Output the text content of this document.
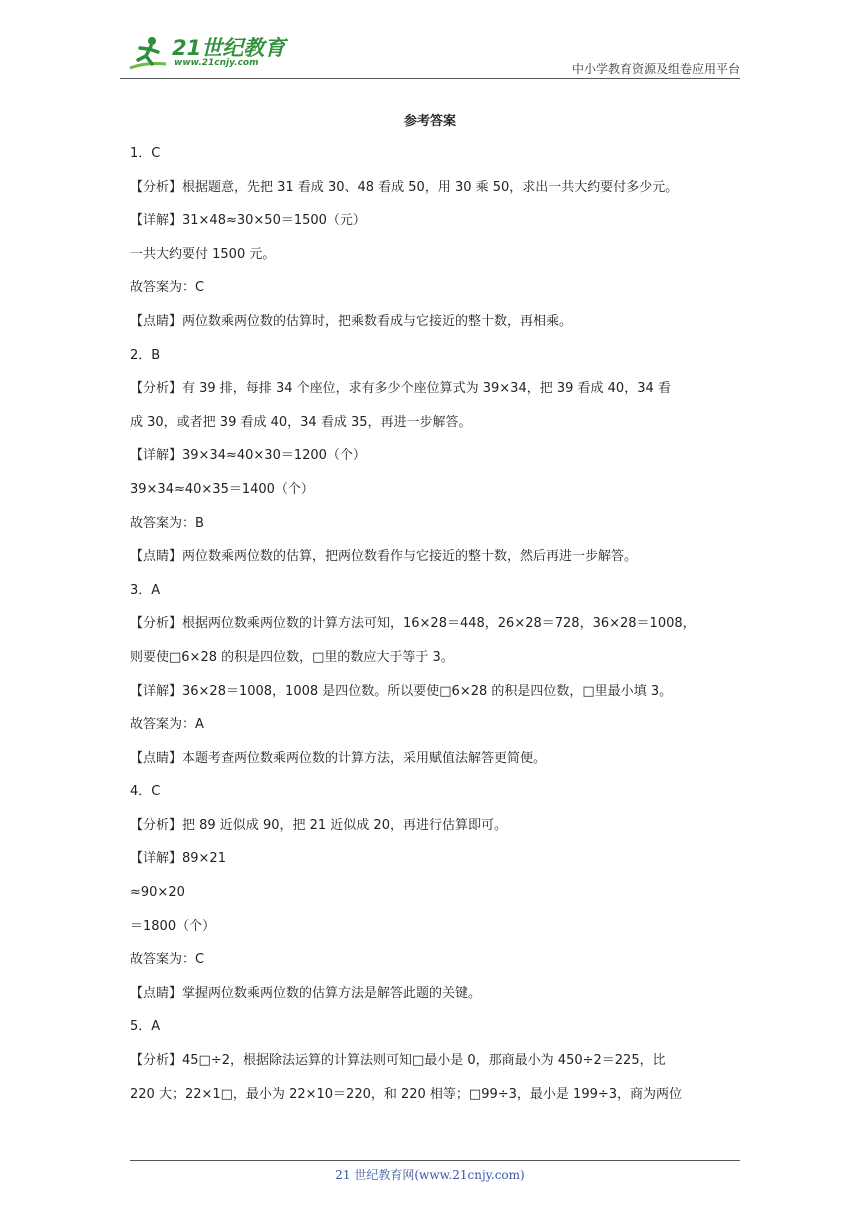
21世纪教育
www.21cnjy.com	中小学教育资源及组卷应用平台
参考答案
1．C
【分析】根据题意，先把 31 看成 30、48 看成 50，用 30 乘 50，求出一共大约要付多少元。
【详解】31×48≈30×50＝1500（元）
一共大约要付 1500 元。
故答案为：C
【点睛】两位数乘两位数的估算时，把乘数看成与它接近的整十数，再相乘。
2．B
【分析】有 39 排，每排 34 个座位，求有多少个座位算式为 39×34，把 39 看成 40，34 看
成 30，或者把 39 看成 40，34 看成 35，再进一步解答。
【详解】39×34≈40×30＝1200（个）
39×34≈40×35＝1400（个）
故答案为：B
【点睛】两位数乘两位数的估算，把两位数看作与它接近的整十数，然后再进一步解答。
3．A
【分析】根据两位数乘两位数的计算方法可知，16×28＝448，26×28＝728，36×28＝1008，
则要使□6×28 的积是四位数，□里的数应大于等于 3。
【详解】36×28＝1008，1008 是四位数。所以要使□6×28 的积是四位数，□里最小填 3。
故答案为：A
【点睛】本题考查两位数乘两位数的计算方法，采用赋值法解答更简便。
4．C
【分析】把 89 近似成 90，把 21 近似成 20，再进行估算即可。
【详解】89×21
≈90×20
＝1800（个）
故答案为：C
【点睛】掌握两位数乘两位数的估算方法是解答此题的关键。
5．A
【分析】45□÷2，根据除法运算的计算法则可知□最小是 0，那商最小为 450÷2＝225，比
220 大；22×1□，最小为 22×10＝220，和 220 相等；□99÷3，最小是 199÷3，商为两位
21 世纪教育网(www.21cnjy.com)
